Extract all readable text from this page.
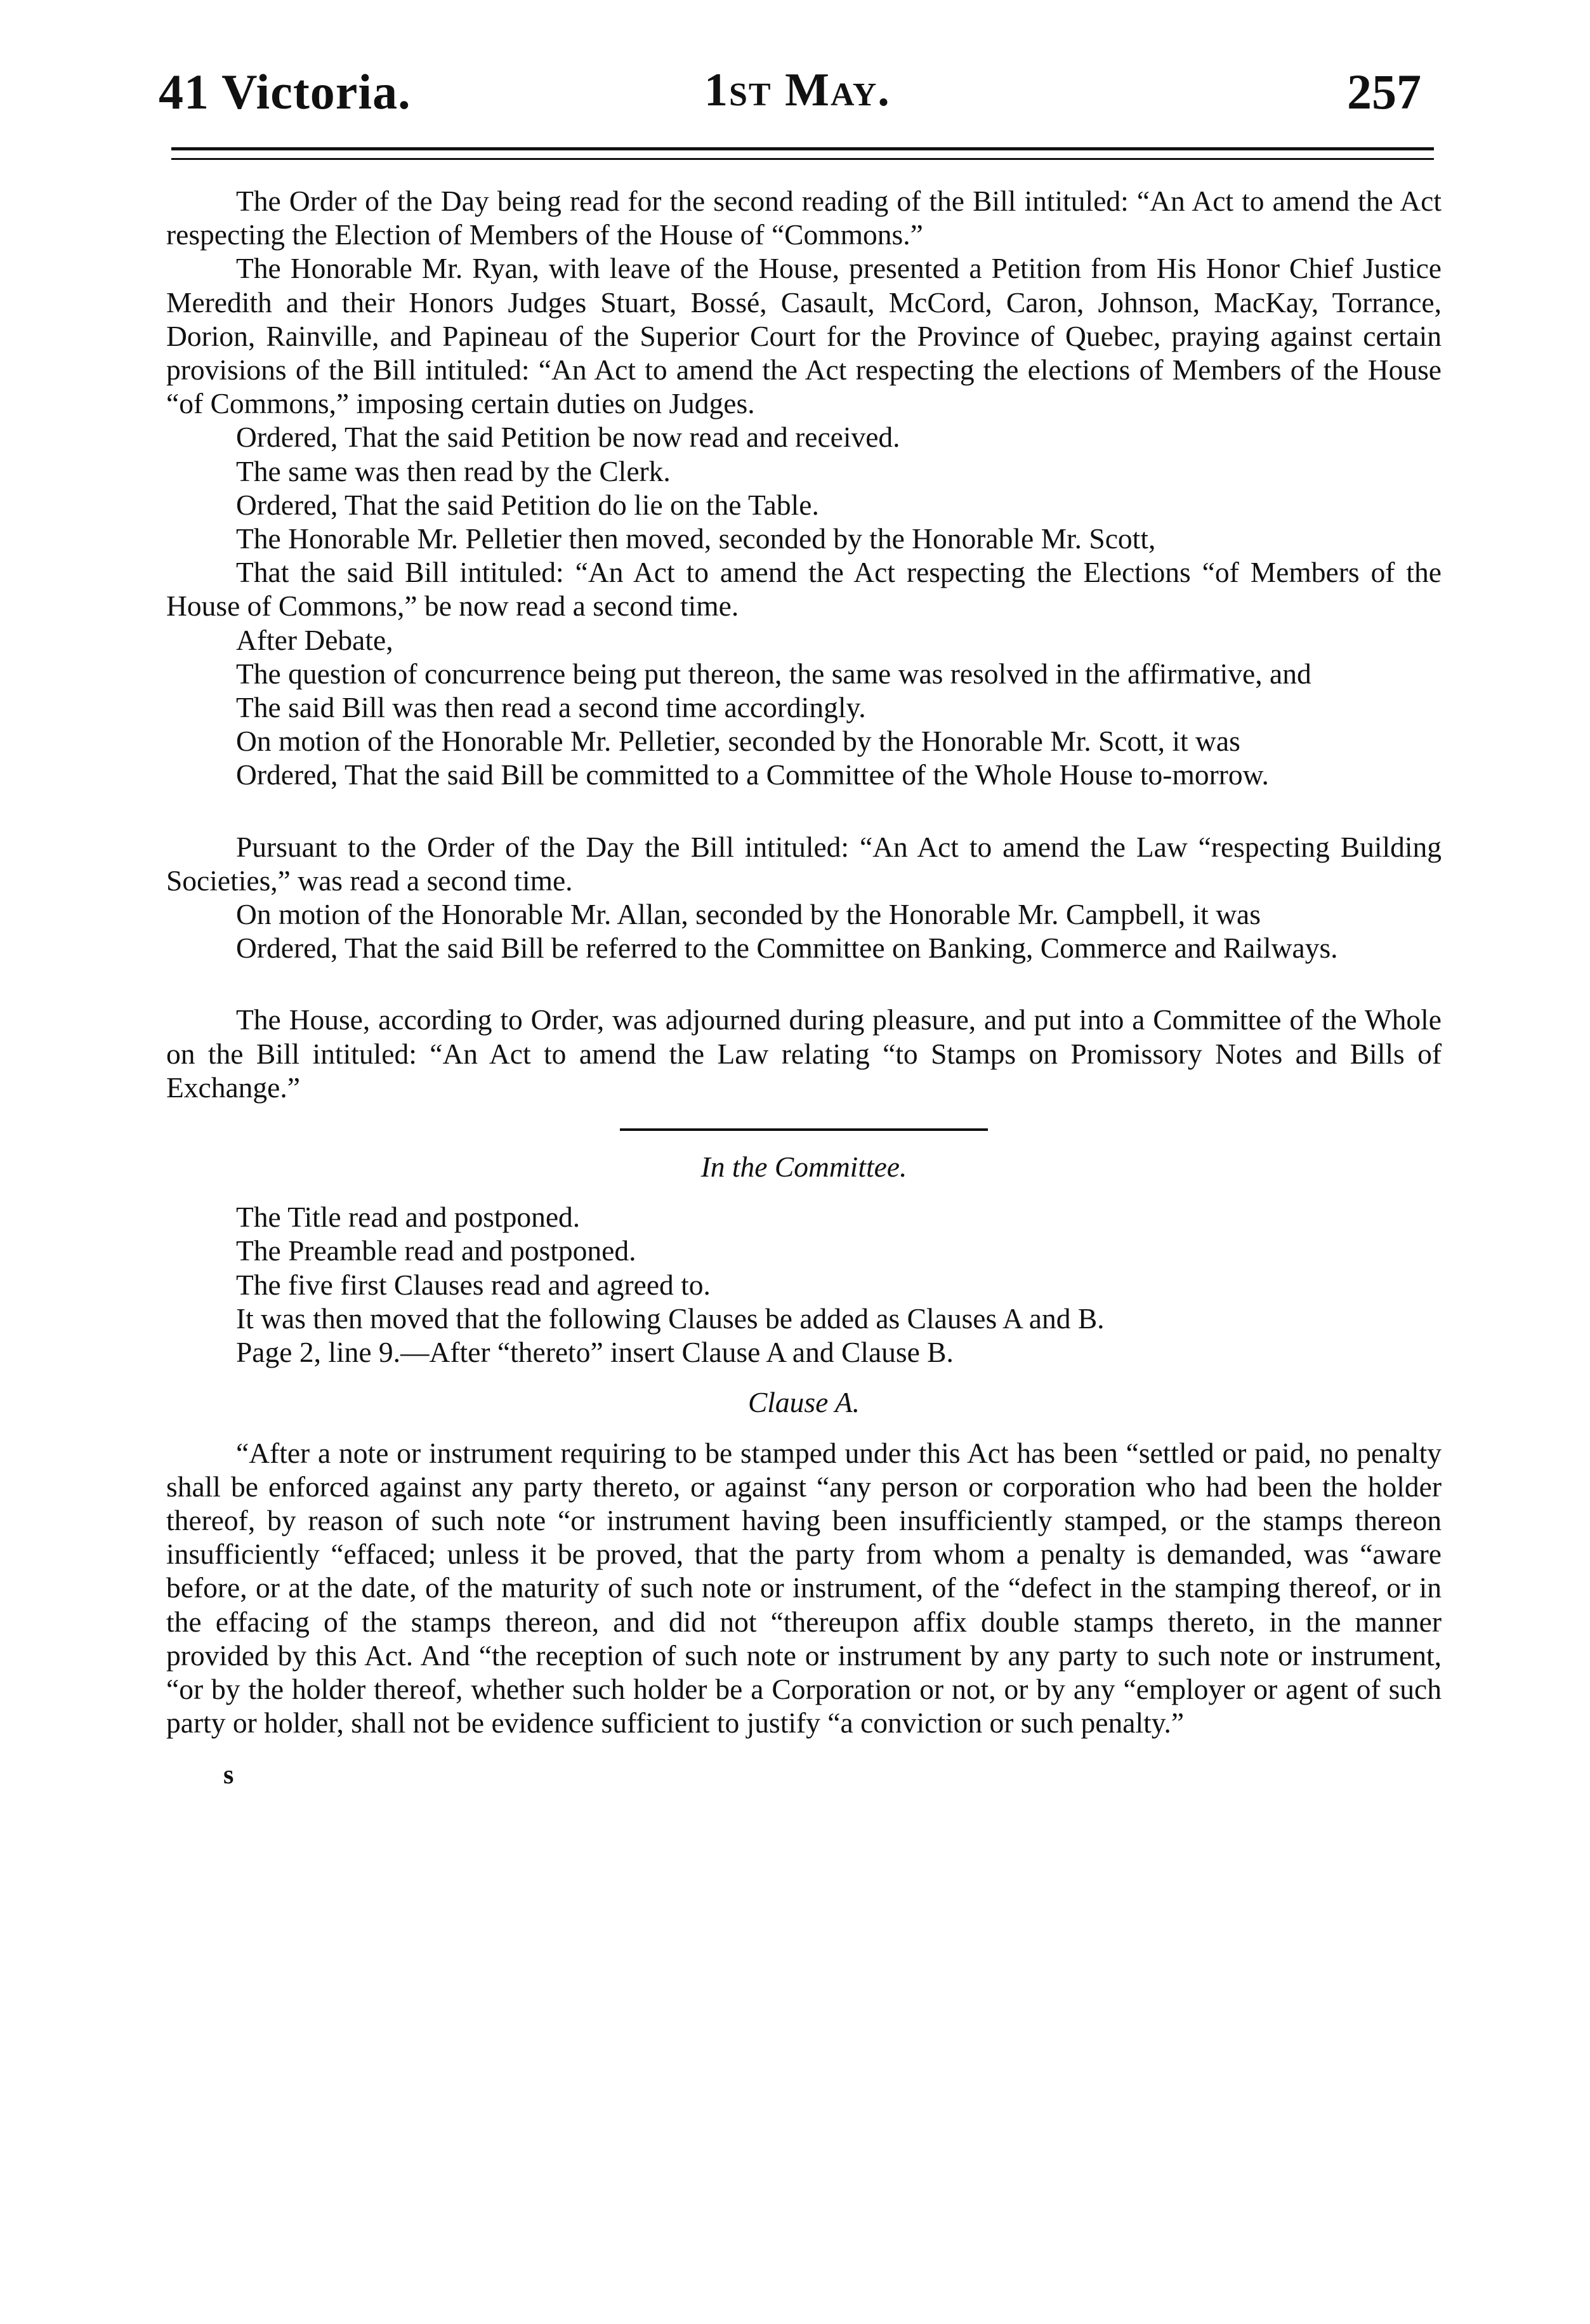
41 Victoria.	1st May.	257

The Order of the Day being read for the second reading of the Bill intituled: “An Act to amend the Act respecting the Election of Members of the House of “Commons.”

The Honorable Mr. Ryan, with leave of the House, presented a Petition from His Honor Chief Justice Meredith and their Honors Judges Stuart, Bossé, Casault, McCord, Caron, Johnson, MacKay, Torrance, Dorion, Rainville, and Papineau of the Superior Court for the Province of Quebec, praying against certain provisions of the Bill intituled: “An Act to amend the Act respecting the elections of Members of the House “of Commons,” imposing certain duties on Judges.

Ordered, That the said Petition be now read and received.

The same was then read by the Clerk.

Ordered, That the said Petition do lie on the Table.

The Honorable Mr. Pelletier then moved, seconded by the Honorable Mr. Scott,

That the said Bill intituled: “An Act to amend the Act respecting the Elections “of Members of the House of Commons,” be now read a second time.

After Debate,

The question of concurrence being put thereon, the same was resolved in the affirmative, and

The said Bill was then read a second time accordingly.

On motion of the Honorable Mr. Pelletier, seconded by the Honorable Mr. Scott, it was

Ordered, That the said Bill be committed to a Committee of the Whole House to-morrow.

Pursuant to the Order of the Day the Bill intituled: “An Act to amend the Law “respecting Building Societies,” was read a second time.

On motion of the Honorable Mr. Allan, seconded by the Honorable Mr. Campbell, it was

Ordered, That the said Bill be referred to the Committee on Banking, Commerce and Railways.

The House, according to Order, was adjourned during pleasure, and put into a Committee of the Whole on the Bill intituled: “An Act to amend the Law relating “to Stamps on Promissory Notes and Bills of Exchange.”

In the Committee.

The Title read and postponed.

The Preamble read and postponed.

The five first Clauses read and agreed to.

It was then moved that the following Clauses be added as Clauses A and B.

Page 2, line 9.—After “thereto” insert Clause A and Clause B.

Clause A.

“After a note or instrument requiring to be stamped under this Act has been “settled or paid, no penalty shall be enforced against any party thereto, or against “any person or corporation who had been the holder thereof, by reason of such note “or instrument having been insufficiently stamped, or the stamps thereon insufficiently “effaced; unless it be proved, that the party from whom a penalty is demanded, was “aware before, or at the date, of the maturity of such note or instrument, of the “defect in the stamping thereof, or in the effacing of the stamps thereon, and did not “thereupon affix double stamps thereto, in the manner provided by this Act. And “the reception of such note or instrument by any party to such note or instrument, “or by the holder thereof, whether such holder be a Corporation or not, or by any “employer or agent of such party or holder, shall not be evidence sufficient to justify “a conviction or such penalty.”

s
